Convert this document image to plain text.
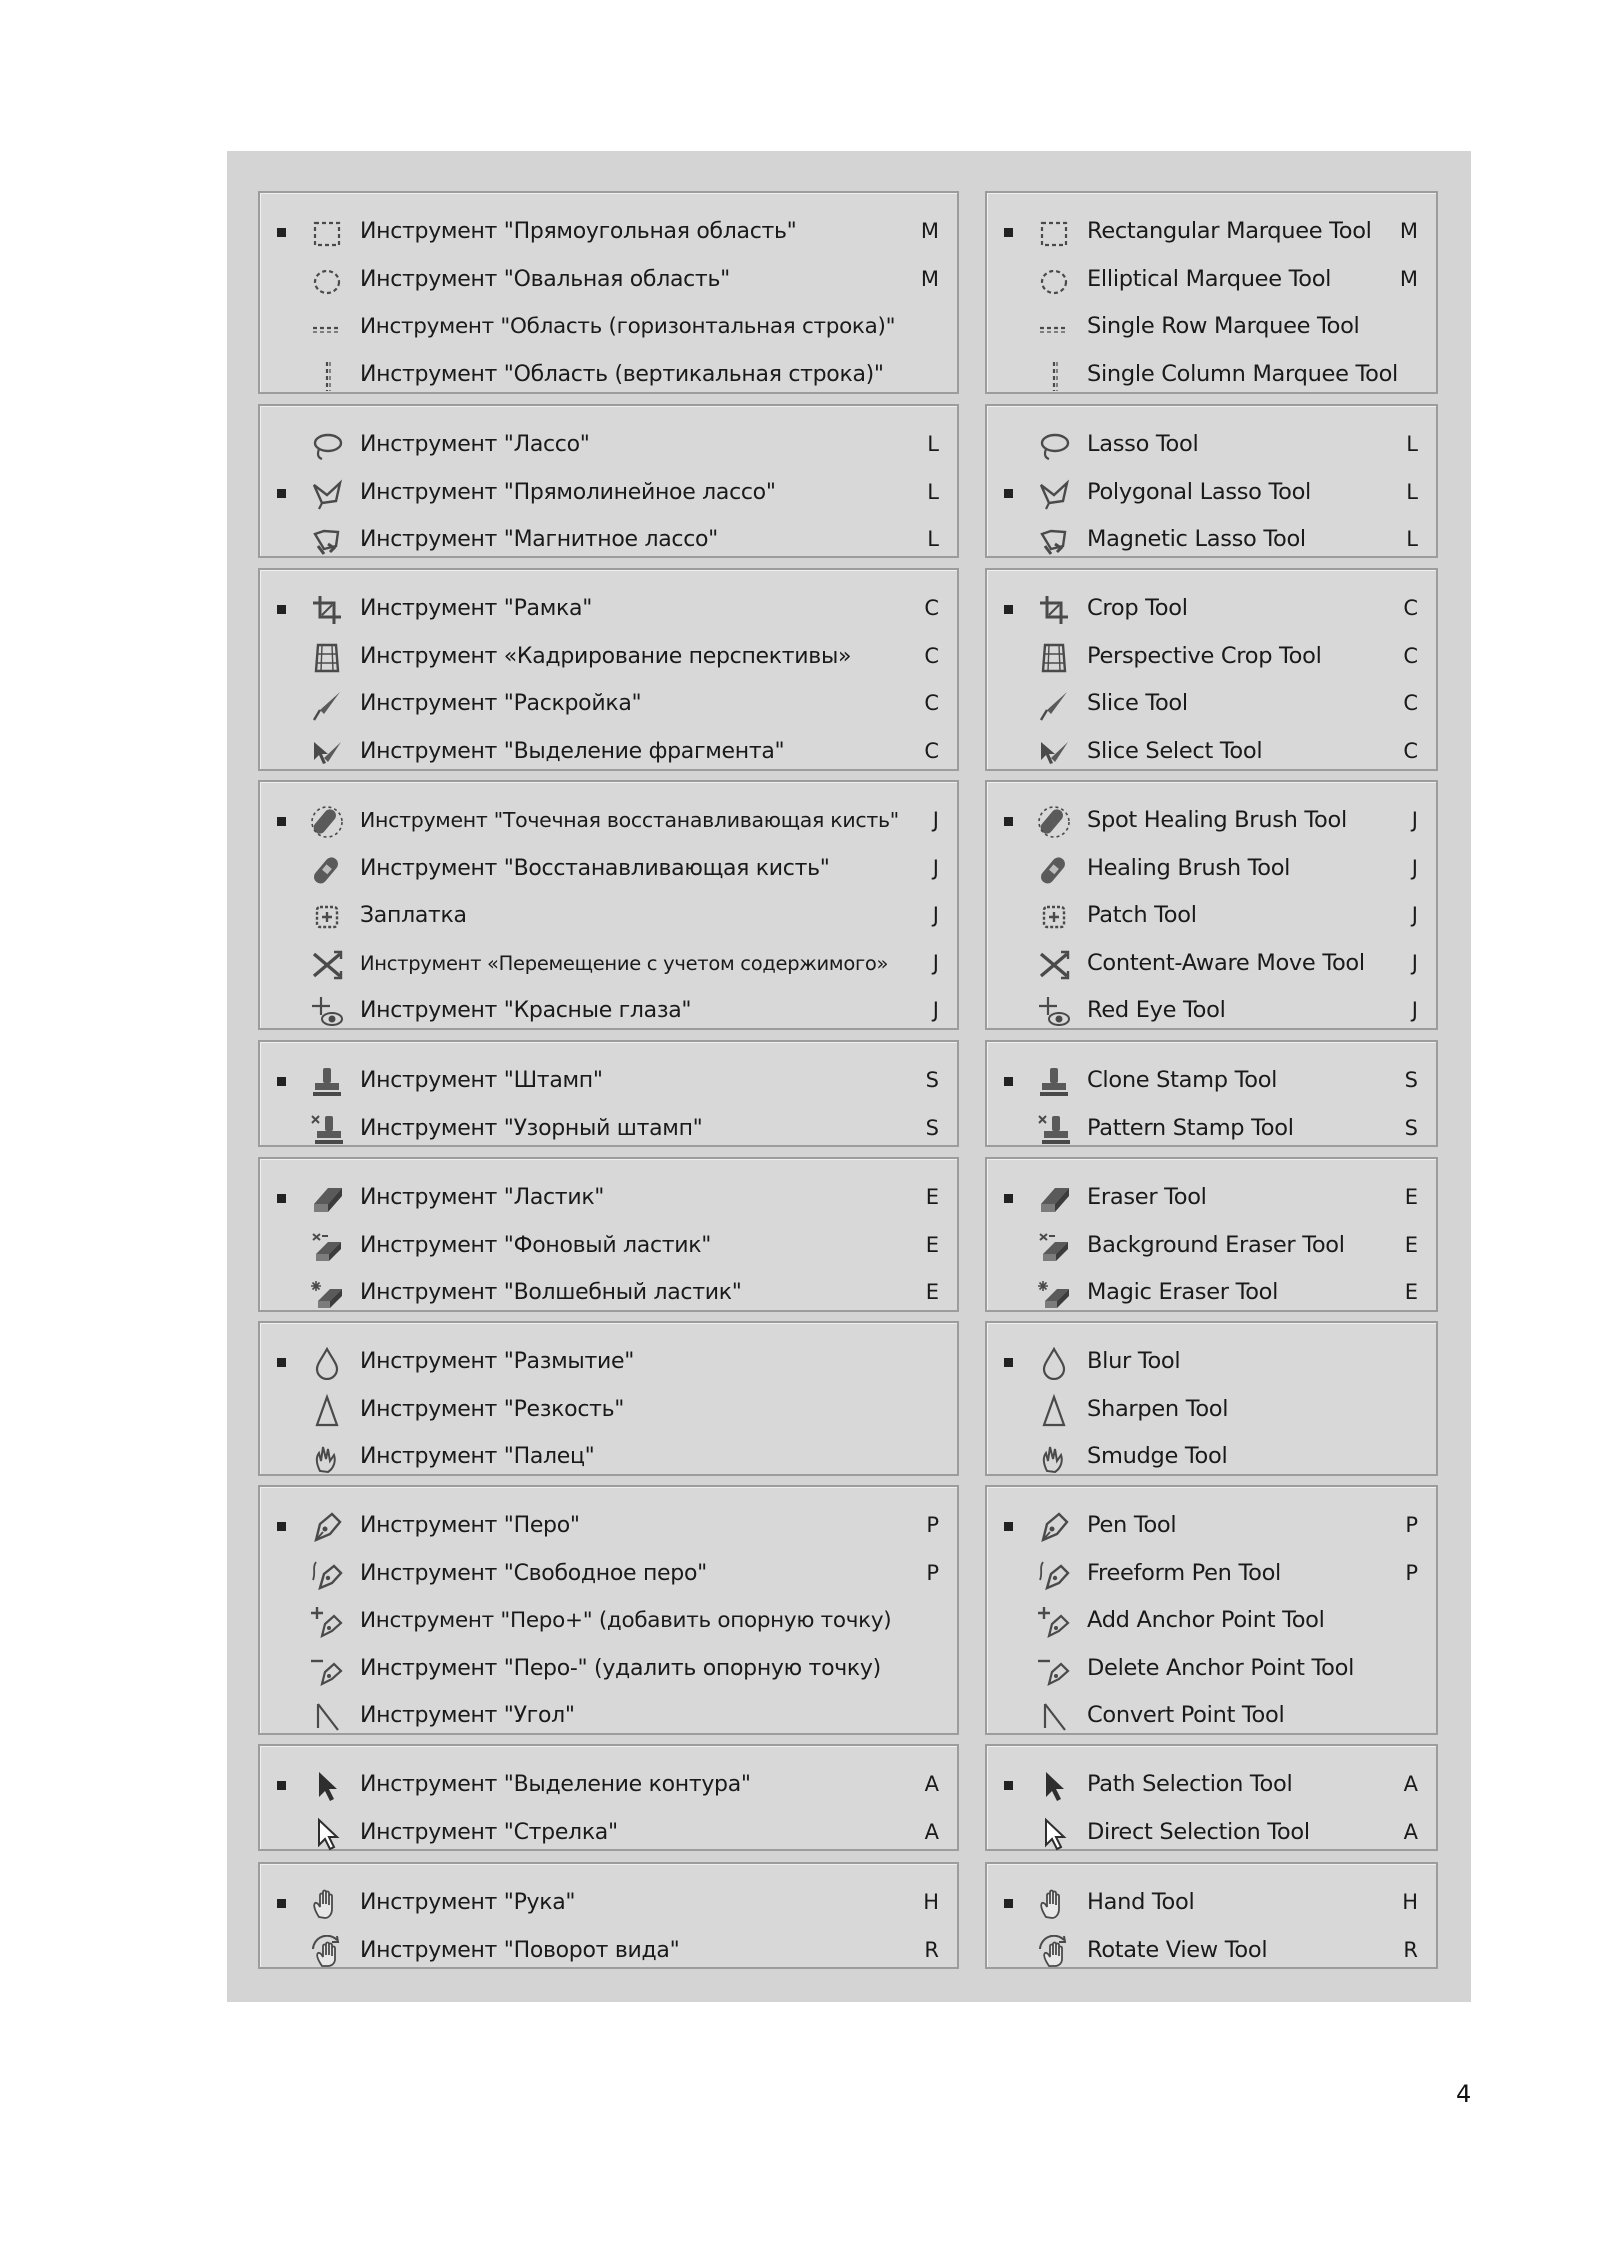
Инструмент "Прямоугольная область"	M
Инструмент "Овальная область"	M
Инструмент "Область (горизонтальная строка)"
Инструмент "Область (вертикальная строка)"
Инструмент "Лассо"	L
Инструмент "Прямолинейное лассо"	L
Инструмент "Магнитное лассо"	L
Инструмент "Рамка"	C
Инструмент «Кадрирование перспективы»	C
Инструмент "Раскройка"	C
Инструмент "Выделение фрагмента"	C
Инструмент "Точечная восстанавливающая кисть" J
Инструмент "Восстанавливающая кисть"	J
Заплатка	J
Инструмент «Перемещение с учетом содержимого» J
Инструмент "Красные глаза"	J
Инструмент "Штамп"	S
Инструмент "Узорный штамп"	S
Инструмент "Ластик"	E
Инструмент "Фоновый ластик"	E
Инструмент "Волшебный ластик"	E
Инструмент "Размытие"
Инструмент "Резкость"
Инструмент "Палец"
Инструмент "Перо"	P
Инструмент "Свободное перо"	P
Инструмент "Перо+" (добавить опорную точку)
Инструмент "Перо-" (удалить опорную точку)
Инструмент "Угол"
Инструмент "Выделение контура"	A
Инструмент "Стрелка"	A
Инструмент "Рука"	H
Инструмент "Поворот вида"	R
Rectangular Marquee Tool M
Elliptical Marquee Tool	M
Single Row Marquee Tool
Single Column Marquee Tool
Lasso Tool	L
Polygonal Lasso Tool	L
Magnetic Lasso Tool	L
Crop Tool	C
Perspective Crop Tool	C
Slice Tool	C
Slice Select Tool	C
Spot Healing Brush Tool	J
Healing Brush Tool	J
Patch Tool	J
Content-Aware Move Tool J
Red Eye Tool	J
Clone Stamp Tool	S
Pattern Stamp Tool	S
Eraser Tool	E
Background Eraser Tool	E
Magic Eraser Tool	E
Blur Tool
Sharpen Tool
Smudge Tool
Pen Tool	P
Freeform Pen Tool	P
Add Anchor Point Tool
Delete Anchor Point Tool
Convert Point Tool
Path Selection Tool	A
Direct Selection Tool	A
Hand Tool	H
Rotate View Tool	R
4
